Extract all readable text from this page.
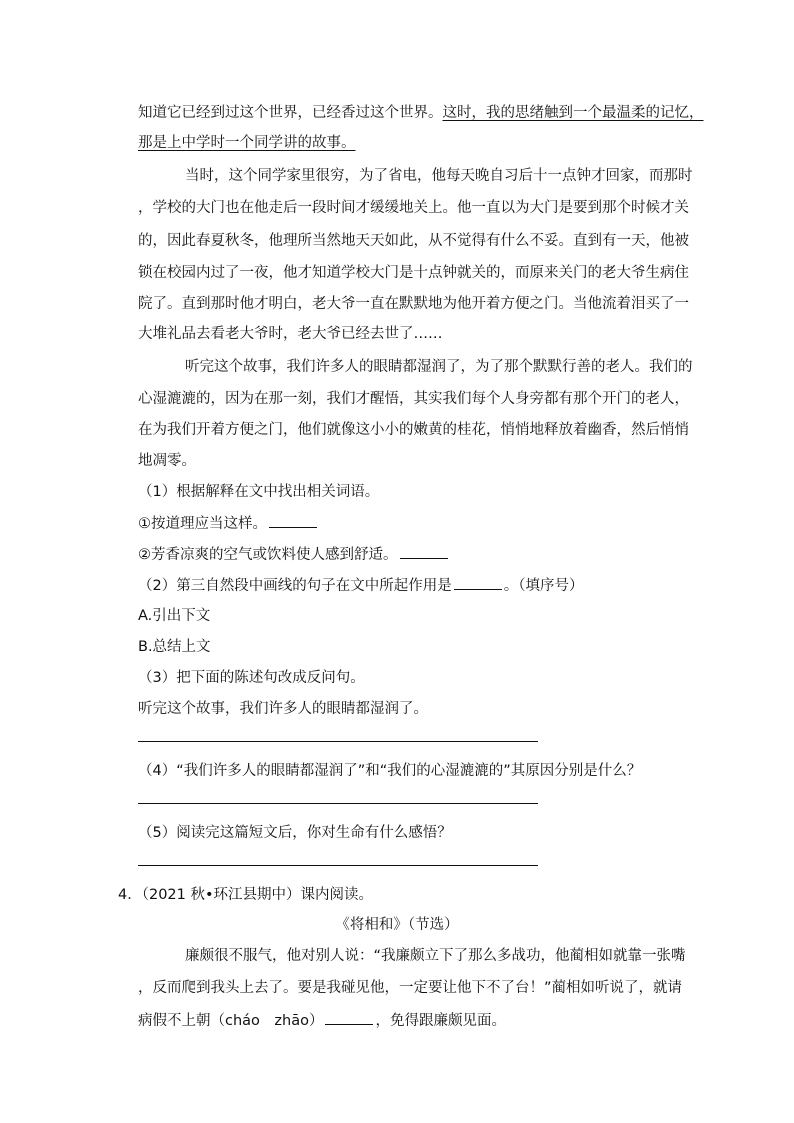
知道它已经到过这个世界，已经香过这个世界。这时，我的思绪触到一个最温柔的记忆，
那是上中学时一个同学讲的故事。
当时，这个同学家里很穷，为了省电，他每天晚自习后十一点钟才回家，而那时
，学校的大门也在他走后一段时间才缓缓地关上。他一直以为大门是要到那个时候才关
的，因此春夏秋冬，他理所当然地天天如此，从不觉得有什么不妥。直到有一天，他被
锁在校园内过了一夜，他才知道学校大门是十点钟就关的，而原来关门的老大爷生病住
院了。直到那时他才明白，老大爷一直在默默地为他开着方便之门。当他流着泪买了一
大堆礼品去看老大爷时，老大爷已经去世了……
听完这个故事，我们许多人的眼睛都湿润了，为了那个默默行善的老人。我们的
心湿漉漉的，因为在那一刻，我们才醒悟，其实我们每个人身旁都有那个开门的老人，
在为我们开着方便之门，他们就像这小小的嫩黄的桂花，悄悄地释放着幽香，然后悄悄
地凋零。
（1）根据解释在文中找出相关词语。
①按道理应当这样。
②芳香凉爽的空气或饮料使人感到舒适。
（2）第三自然段中画线的句子在文中所起作用是	。（填序号）
A.引出下文
B.总结上文
（3）把下面的陈述句改成反问句。
听完这个故事，我们许多人的眼睛都湿润了。
（4）“我们许多人的眼睛都湿润了”和“我们的心湿漉漉的”其原因分别是什么？
（5）阅读完这篇短文后，你对生命有什么感悟？
4．（2021 秋•环江县期中）课内阅读。
《将相和》（节选）
廉颇很不服气，他对别人说：“我廉颇立下了那么多战功，他蔺相如就靠一张嘴
，反而爬到我头上去了。要是我碰见他，一定要让他下不了台！”蔺相如听说了，就请
病假不上朝（cháo　zhāo）	，免得跟廉颇见面。
